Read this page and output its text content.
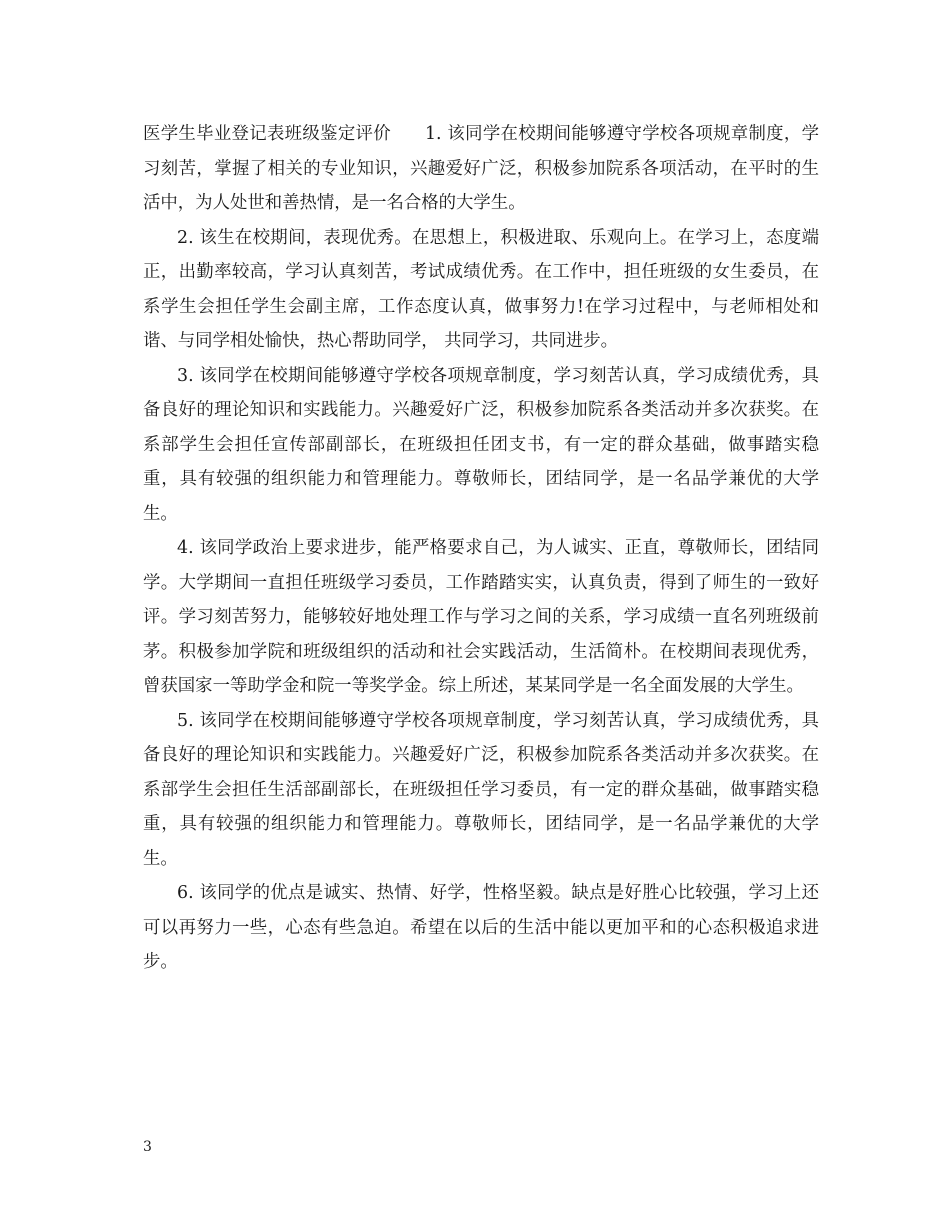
医学生毕业登记表班级鉴定评价 1. 该同学在校期间能够遵守学校各项规章制度，学习刻苦，掌握了相关的专业知识，兴趣爱好广泛，积极参加院系各项活动，在平时的生活中，为人处世和善热情，是一名合格的大学生。

2. 该生在校期间，表现优秀。在思想上，积极进取、乐观向上。在学习上，态度端正，出勤率较高，学习认真刻苦，考试成绩优秀。在工作中，担任班级的女生委员，在系学生会担任学生会副主席，工作态度认真，做事努力!在学习过程中，与老师相处和谐、与同学相处愉快，热心帮助同学， 共同学习，共同进步。

3. 该同学在校期间能够遵守学校各项规章制度，学习刻苦认真，学习成绩优秀，具备良好的理论知识和实践能力。兴趣爱好广泛，积极参加院系各类活动并多次获奖。在系部学生会担任宣传部副部长，在班级担任团支书，有一定的群众基础，做事踏实稳重，具有较强的组织能力和管理能力。尊敬师长，团结同学，是一名品学兼优的大学生。

4. 该同学政治上要求进步，能严格要求自己，为人诚实、正直，尊敬师长，团结同学。大学期间一直担任班级学习委员，工作踏踏实实，认真负责，得到了师生的一致好评。学习刻苦努力，能够较好地处理工作与学习之间的关系，学习成绩一直名列班级前茅。积极参加学院和班级组织的活动和社会实践活动，生活简朴。在校期间表现优秀，曾获国家一等助学金和院一等奖学金。综上所述，某某同学是一名全面发展的大学生。

5. 该同学在校期间能够遵守学校各项规章制度，学习刻苦认真，学习成绩优秀，具备良好的理论知识和实践能力。兴趣爱好广泛，积极参加院系各类活动并多次获奖。在系部学生会担任生活部副部长，在班级担任学习委员，有一定的群众基础，做事踏实稳重，具有较强的组织能力和管理能力。尊敬师长，团结同学，是一名品学兼优的大学生。

6. 该同学的优点是诚实、热情、好学，性格坚毅。缺点是好胜心比较强，学习上还可以再努力一些，心态有些急迫。希望在以后的生活中能以更加平和的心态积极追求进步。

3
